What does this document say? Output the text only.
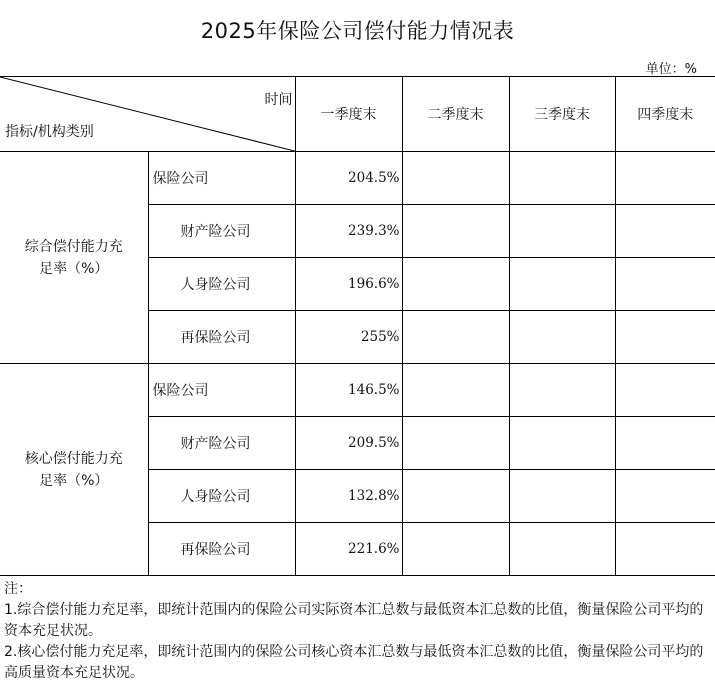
2025年保险公司偿付能力情况表
单位：%
时间
指标/机构类别		一季度末	二季度末	三季度末	四季度末

综合偿付能力充足率（%）	保险公司	204.5%			
	财产险公司	239.3%			
	人身险公司	196.6%			
	再保险公司	255%			

核心偿付能力充足率（%）	保险公司	146.5%			
	财产险公司	209.5%			
	人身险公司	132.8%			
	再保险公司	221.6%			
注：
1.综合偿付能力充足率，即统计范围内的保险公司实际资本汇总数与最低资本汇总数的比值，衡量保险公司平均的资本充足状况。
2.核心偿付能力充足率，即统计范围内的保险公司核心资本汇总数与最低资本汇总数的比值，衡量保险公司平均的高质量资本充足状况。
